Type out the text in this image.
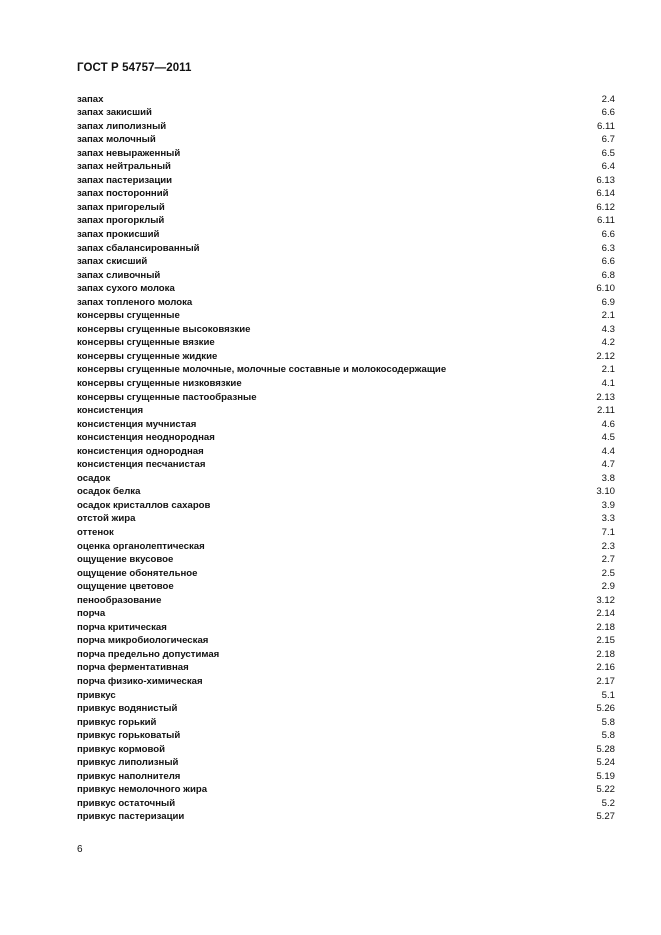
ГОСТ Р 54757—2011
запах	2.4
запах закисший	6.6
запах липолизный	6.11
запах молочный	6.7
запах невыраженный	6.5
запах нейтральный	6.4
запах пастеризации	6.13
запах посторонний	6.14
запах пригорелый	6.12
запах прогорклый	6.11
запах прокисший	6.6
запах сбалансированный	6.3
запах скисший	6.6
запах сливочный	6.8
запах сухого молока	6.10
запах топленого молока	6.9
консервы сгущенные	2.1
консервы сгущенные высоковязкие	4.3
консервы сгущенные вязкие	4.2
консервы сгущенные жидкие	2.12
консервы сгущенные молочные, молочные составные и молокосодержащие	2.1
консервы сгущенные низковязкие	4.1
консервы сгущенные пастообразные	2.13
консистенция	2.11
консистенция мучнистая	4.6
консистенция неоднородная	4.5
консистенция однородная	4.4
консистенция песчанистая	4.7
осадок	3.8
осадок белка	3.10
осадок кристаллов сахаров	3.9
отстой жира	3.3
оттенок	7.1
оценка органолептическая	2.3
ощущение вкусовое	2.7
ощущение обонятельное	2.5
ощущение цветовое	2.9
пенообразование	3.12
порча	2.14
порча критическая	2.18
порча микробиологическая	2.15
порча предельно допустимая	2.18
порча ферментативная	2.16
порча физико-химическая	2.17
привкус	5.1
привкус водянистый	5.26
привкус горький	5.8
привкус горьковатый	5.8
привкус кормовой	5.28
привкус липолизный	5.24
привкус наполнителя	5.19
привкус немолочного жира	5.22
привкус остаточный	5.2
привкус пастеризации	5.27
6
